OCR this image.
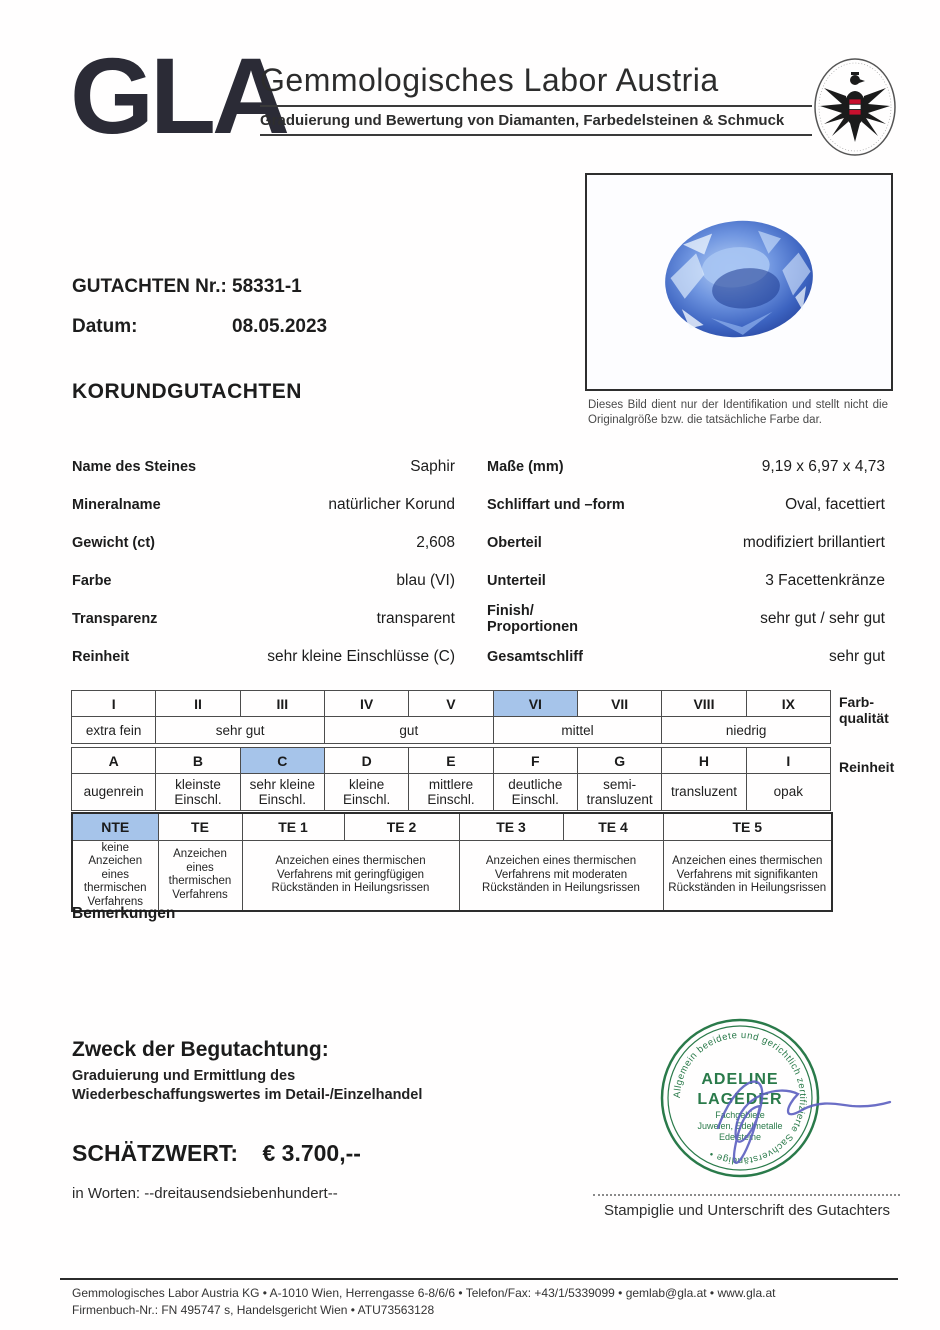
GLA
Gemmologisches Labor Austria
Graduierung und Bewertung von Diamanten, Farbedelsteinen & Schmuck
GUTACHTEN Nr.: 58331-1
Datum:	08.05.2023
KORUNDGUTACHTEN
Dieses Bild dient nur der Identifikation und stellt nicht die Originalgröße bzw. die tatsächliche Farbe dar.
Name des Steines	Saphir
Mineralname	natürlicher Korund
Gewicht (ct)	2,608
Farbe	blau (VI)
Transparenz	transparent
Reinheit	sehr kleine Einschlüsse (C)
Maße (mm)	9,19 x 6,97 x 4,73
Schliffart und –form	Oval, facettiert
Oberteil	modifiziert brillantiert
Unterteil	3 Facettenkränze
Finish/
Proportionen	sehr gut / sehr gut
Gesamtschliff	sehr gut
I	II	III	IV	V	VI	VII	VIII	IX
extra fein	sehr gut		gut		mittel		niedrig	
Farb-
qualität
A	B	C	D	E	F	G	H	I
augenrein	kleinste Einschl.	sehr kleine Einschl.	kleine Einschl.	mittlere Einschl.	deutliche Einschl.	semi-transluzent	transluzent	opak
Reinheit
NTE	TE	TE 1	TE 2	TE 3	TE 4	TE 5
keine Anzeichen eines thermischen Verfahrens	Anzeichen eines thermischen Verfahrens	Anzeichen eines thermischen Verfahrens mit geringfügigen Rückständen in Heilungsrissen		Anzeichen eines thermischen Verfahrens mit moderaten Rückständen in Heilungsrissen		Anzeichen eines thermischen Verfahrens mit signifikanten Rückständen in Heilungsrissen
Bemerkungen
Zweck der Begutachtung:
Graduierung und Ermittlung des
Wiederbeschaffungswertes im Detail-/Einzelhandel
SCHÄTZWERT: € 3.700,--
in Worten: --dreitausendsiebenhundert--
Allgemein beeidete und gerichtlich zertifizierte Sachverständige •
ADELINE
LAGEDER
Fachgebiete
Juwelen, Edelmetalle
Edelsteine
Stampiglie und Unterschrift des Gutachters
Gemmologisches Labor Austria KG • A-1010 Wien, Herrengasse 6-8/6/6 • Telefon/Fax: +43/1/5339099 • gemlab@gla.at • www.gla.at
Firmenbuch-Nr.: FN 495747 s, Handelsgericht Wien • ATU73563128
